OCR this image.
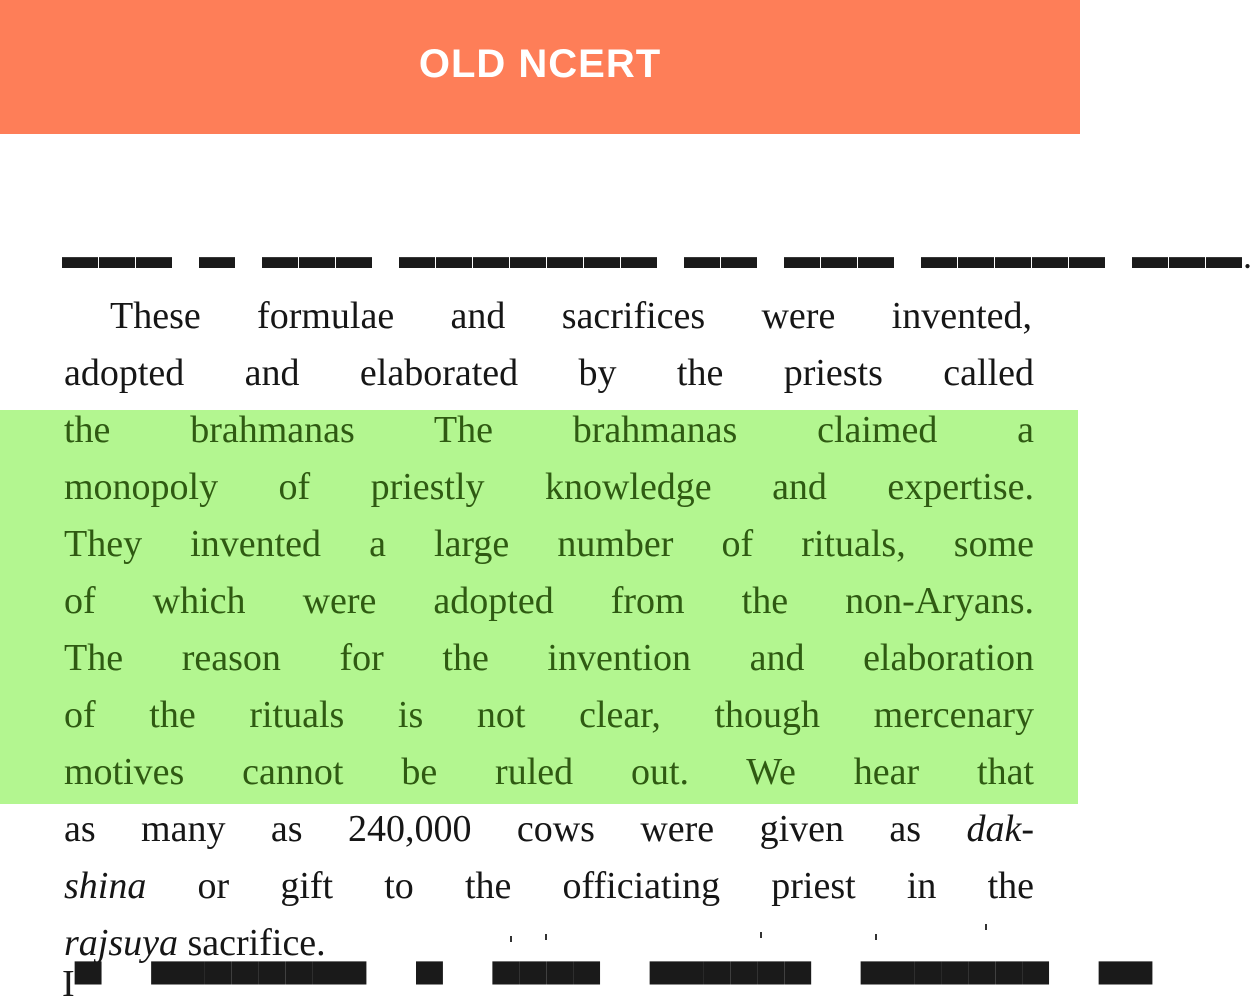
OLD NCERT
▬▬▬ ▬ ▬▬▬ ▬▬▬▬▬▬▬ ▬▬ ▬▬▬ ▬▬▬▬▬ ▬▬▬.
These formulae and sacrifices were invented,
adopted and elaborated by the priests called
the brahmanas The brahmanas claimed a
monopoly of priestly knowledge and expertise.
They invented a large number of rituals, some
of which were adopted from the non-Aryans.
The reason for the invention and elaboration
of the rituals is not clear, though mercenary
motives cannot be ruled out. We hear that
as many as 240,000 cows were given as dak-
shina or gift to the officiating priest in the
rajsuya sacrifice.
I▀ ▀▀▀▀▀▀▀▀ ▀ ▀▀▀▀ ▀▀▀▀▀▀ ▀▀▀▀▀▀▀ ▀▀
